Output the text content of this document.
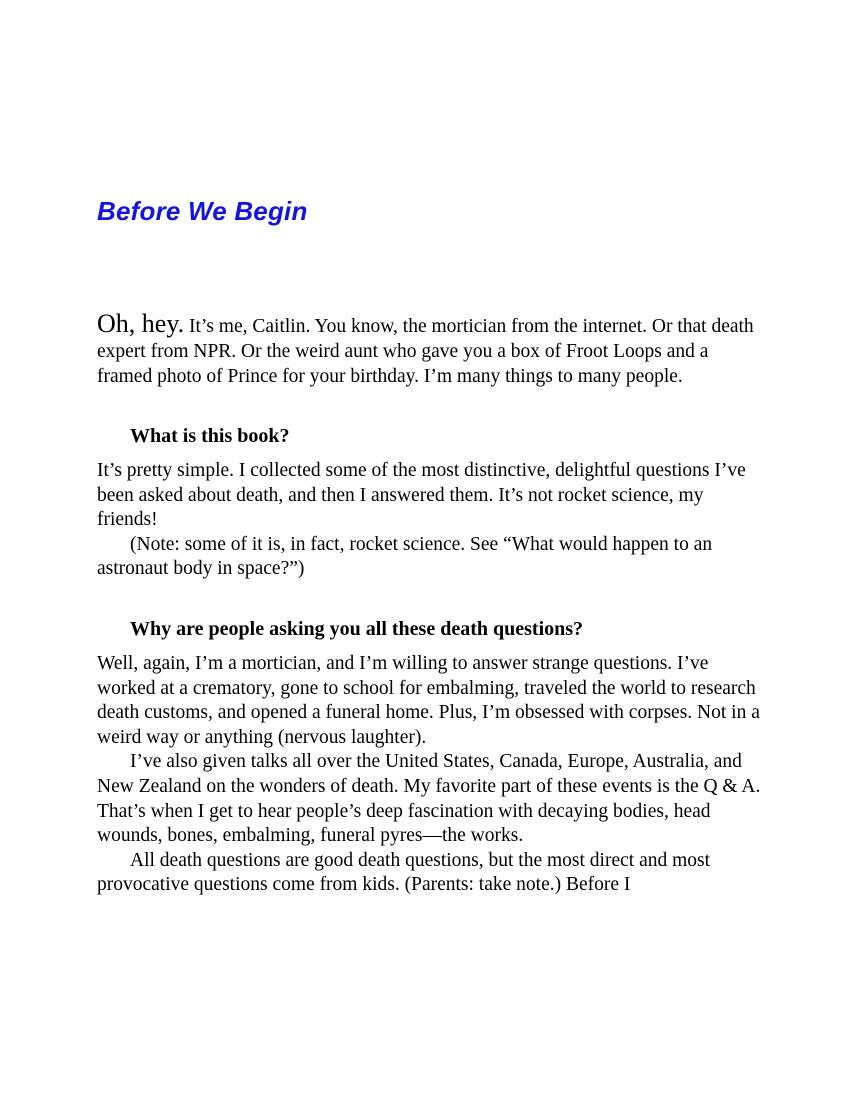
Before We Begin

Oh, hey. It’s me, Caitlin. You know, the mortician from the internet. Or that death expert from NPR. Or the weird aunt who gave you a box of Froot Loops and a framed photo of Prince for your birthday. I’m many things to many people.

What is this book?

It’s pretty simple. I collected some of the most distinctive, delightful questions I’ve been asked about death, and then I answered them. It’s not rocket science, my friends!

(Note: some of it is, in fact, rocket science. See “What would happen to an astronaut body in space?”)

Why are people asking you all these death questions?

Well, again, I’m a mortician, and I’m willing to answer strange questions. I’ve worked at a crematory, gone to school for embalming, traveled the world to research death customs, and opened a funeral home. Plus, I’m obsessed with corpses. Not in a weird way or anything (nervous laughter).

I’ve also given talks all over the United States, Canada, Europe, Australia, and New Zealand on the wonders of death. My favorite part of these events is the Q & A. That’s when I get to hear people’s deep fascination with decaying bodies, head wounds, bones, embalming, funeral pyres—the works.

All death questions are good death questions, but the most direct and most provocative questions come from kids. (Parents: take note.) Before I
